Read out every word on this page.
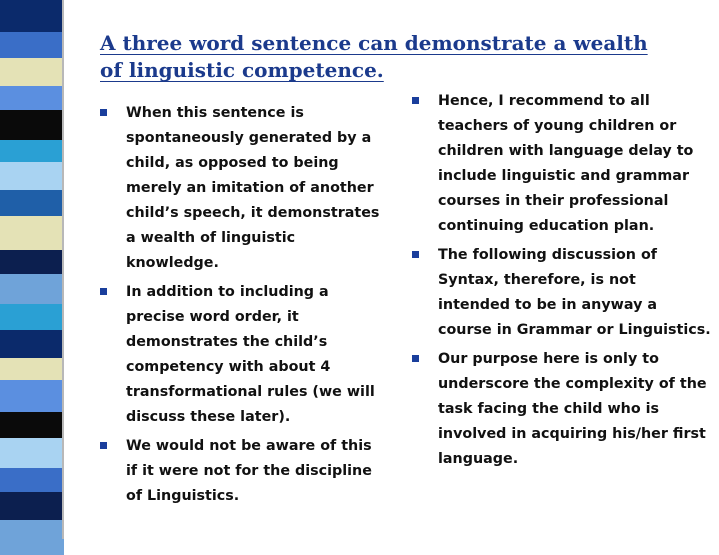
A three word sentence can demonstrate a wealth of linguistic competence.
When this sentence is spontaneously generated by a child, as opposed to being merely an imitation of another child’s speech, it demonstrates a wealth of linguistic knowledge.
In addition to including a precise word order, it demonstrates the child’s competency with about 4 transformational rules (we will discuss these later).
We would not be aware of this if it were not for the discipline of Linguistics.
Hence, I recommend to all teachers of young children or children with language delay to include linguistic and grammar courses in their professional continuing education plan.
The following discussion of Syntax, therefore, is not intended to be in anyway a course in Grammar or Linguistics.
Our purpose here is only to underscore the complexity of the task facing the child who is involved in acquiring his/her first language.
